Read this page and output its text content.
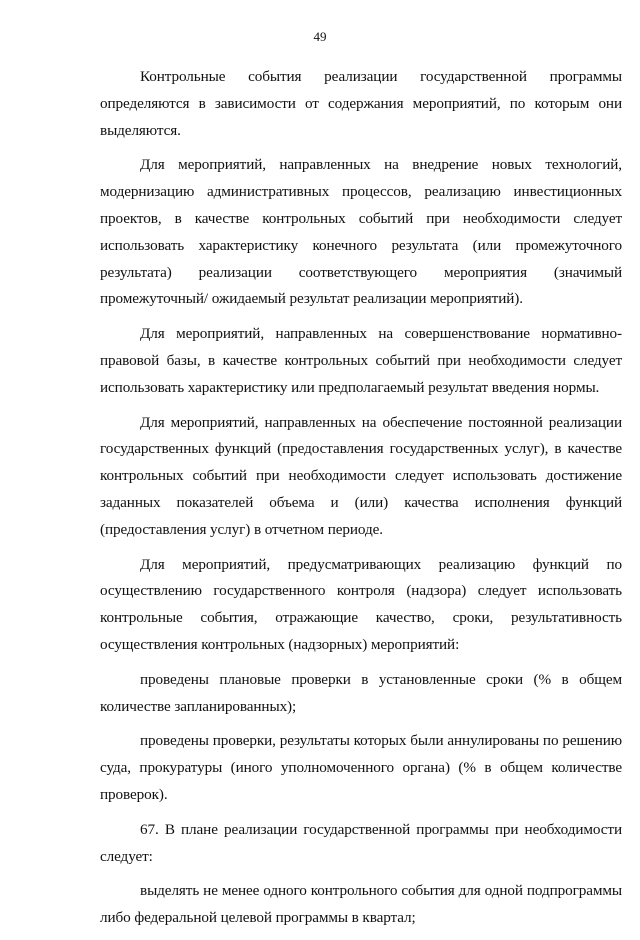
49

Контрольные события реализации государственной программы определяются в зависимости от содержания мероприятий, по которым они выделяются.

Для мероприятий, направленных на внедрение новых технологий, модернизацию административных процессов, реализацию инвестиционных проектов, в качестве контрольных событий при необходимости следует использовать характеристику конечного результата (или промежуточного результата) реализации соответствующего мероприятия (значимый промежуточный/ ожидаемый результат реализации мероприятий).

Для мероприятий, направленных на совершенствование нормативно-правовой базы, в качестве контрольных событий при необходимости следует использовать характеристику или предполагаемый результат введения нормы.

Для мероприятий, направленных на обеспечение постоянной реализации государственных функций (предоставления государственных услуг), в качестве контрольных событий при необходимости следует использовать достижение заданных показателей объема и (или) качества исполнения функций (предоставления услуг) в отчетном периоде.

Для мероприятий, предусматривающих реализацию функций по осуществлению государственного контроля (надзора) следует использовать контрольные события, отражающие качество, сроки, результативность осуществления контрольных (надзорных) мероприятий:

проведены плановые проверки в установленные сроки (% в общем количестве запланированных);

проведены проверки, результаты которых были аннулированы по решению суда, прокуратуры (иного уполномоченного органа) (% в общем количестве проверок).

67. В плане реализации государственной программы при необходимости следует:

выделять не менее одного контрольного события для одной подпрограммы либо федеральной целевой программы в квартал;
